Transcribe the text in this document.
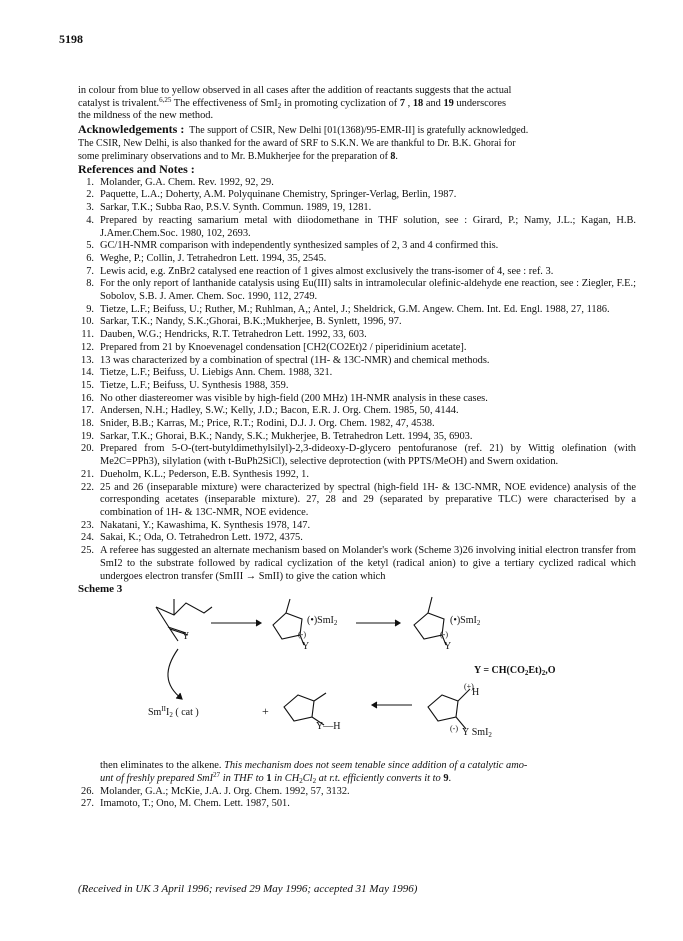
5198

in colour from blue to yellow observed in all cases after the addition of reactants suggests that the actual
catalyst is trivalent.$^{6,25}$ The effectiveness of SmI$_2$ in promoting cyclization of 7 , 18 and 19 underscores
the mildness of the new method.

Acknowledgements : The support of CSIR, New Delhi [01(1368)/95-EMR-II] is gratefully acknowledged.
The CSIR, New Delhi, is also thanked for the award of SRF to S.K.N. We are thankful to Dr. B.K. Ghorai for
some preliminary observations and to Mr. B.Mukherjee for the preparation of 8.

References and Notes :

1. Molander, G.A. Chem. Rev. 1992, 92, 29.

2. Paquette, L.A.; Doherty, A.M. Polyquinane Chemistry, Springer-Verlag, Berlin, 1987.

3. Sarkar, T.K.; Subba Rao, P.S.V. Synth. Commun. 1989, 19, 1281.

4. Prepared by reacting samarium metal with diiodomethane in THF solution, see : Girard, P.; Namy, J.L.; Kagan, H.B. J.Amer.Chem.Soc. 1980, 102, 2693.

5. GC/1H-NMR comparison with independently synthesized samples of 2, 3 and 4 confirmed this.

6. Weghe, P.; Collin, J. Tetrahedron Lett. 1994, 35, 2545.

7. Lewis acid, e.g. ZnBr2 catalysed ene reaction of 1 gives almost exclusively the trans-isomer of 4, see : ref. 3.

8. For the only report of lanthanide catalysis using Eu(III) salts in intramolecular olefinic-aldehyde ene reaction, see : Ziegler, F.E.; Sobolov, S.B. J. Amer. Chem. Soc. 1990, 112, 2749.

9. Tietze, L.F.; Beifuss, U.; Ruther, M.; Ruhlman, A,; Antel, J.; Sheldrick, G.M. Angew. Chem. Int. Ed. Engl. 1988, 27, 1186.

10. Sarkar, T.K.; Nandy, S.K.;Ghorai, B.K.;Mukherjee, B. Synlett, 1996, 97.

11. Dauben, W.G.; Hendricks, R.T. Tetrahedron Lett. 1992, 33, 603.

12. Prepared from 21 by Knoevenagel condensation [CH2(CO2Et)2 / piperidinium acetate].

13. 13 was characterized by a combination of spectral (1H- & 13C-NMR) and chemical methods.

14. Tietze, L.F.; Beifuss, U. Liebigs Ann. Chem. 1988, 321.

15. Tietze, L.F.; Beifuss, U. Synthesis 1988, 359.

16. No other diastereomer was visible by high-field (200 MHz) 1H-NMR analysis in these cases.

17. Andersen, N.H.; Hadley, S.W.; Kelly, J.D.; Bacon, E.R. J. Org. Chem. 1985, 50, 4144.

18. Snider, B.B.; Karras, M.; Price, R.T.; Rodini, D.J. J. Org. Chem. 1982, 47, 4538.

19. Sarkar, T.K.; Ghorai, B.K.; Nandy, S.K.; Mukherjee, B. Tetrahedron Lett. 1994, 35, 6903.

20. Prepared from 5-O-(tert-butyldimethylsilyl)-2,3-dideoxy-D-glycero pentofuranose (ref. 21) by Wittig olefination (with Me2C=PPh3), silylation (with t-BuPh2SiCl), selective deprotection (with PPTS/MeOH) and Swern oxidation.

21. Dueholm, K.L.; Pederson, E.B. Synthesis 1992, 1.

22. 25 and 26 (inseparable mixture) were characterized by spectral (high-field 1H- & 13C-NMR, NOE evidence) analysis of the corresponding acetates (inseparable mixture). 27, 28 and 29 (separated by preparative TLC) were characterised by a combination of 1H- & 13C-NMR, NOE evidence.

23. Nakatani, Y.; Kawashima, K. Synthesis 1978, 147.

24. Sakai, K.; Oda, O. Tetrahedron Lett. 1972, 4375.

25. A referee has suggested an alternate mechanism based on Molander's work (Scheme 3)26 involving initial electron transfer from SmI2 to the substrate followed by radical cyclization of the ketyl (radical anion) to give a tertiary cyclized radical which undergoes electron transfer (SmIII → SmII) to give the cation which

Scheme 3
Y
(•)SmI$_2$
(-)
Y
(•)SmI$_2$
(-)
Y
$Y = CH(CO_2Et)_2,O$
$Sm^{II}I_2$ ( cat )	+
Y—H
(+)
H
(-) Y SmI$_2$

then eliminates to the alkene. This mechanism does not seem tenable since addition of a catalytic amo-
unt of freshly prepared SmI$^{27}$ in THF to 1 in $CH_2Cl_2$ at r.t. efficiently converts it to 9.

26. Molander, G.A.; McKie, J.A. J. Org. Chem. 1992, 57, 3132.

27. Imamoto, T.; Ono, M. Chem. Lett. 1987, 501.

(Received in UK 3 April 1996; revised 29 May 1996; accepted 31 May 1996)
